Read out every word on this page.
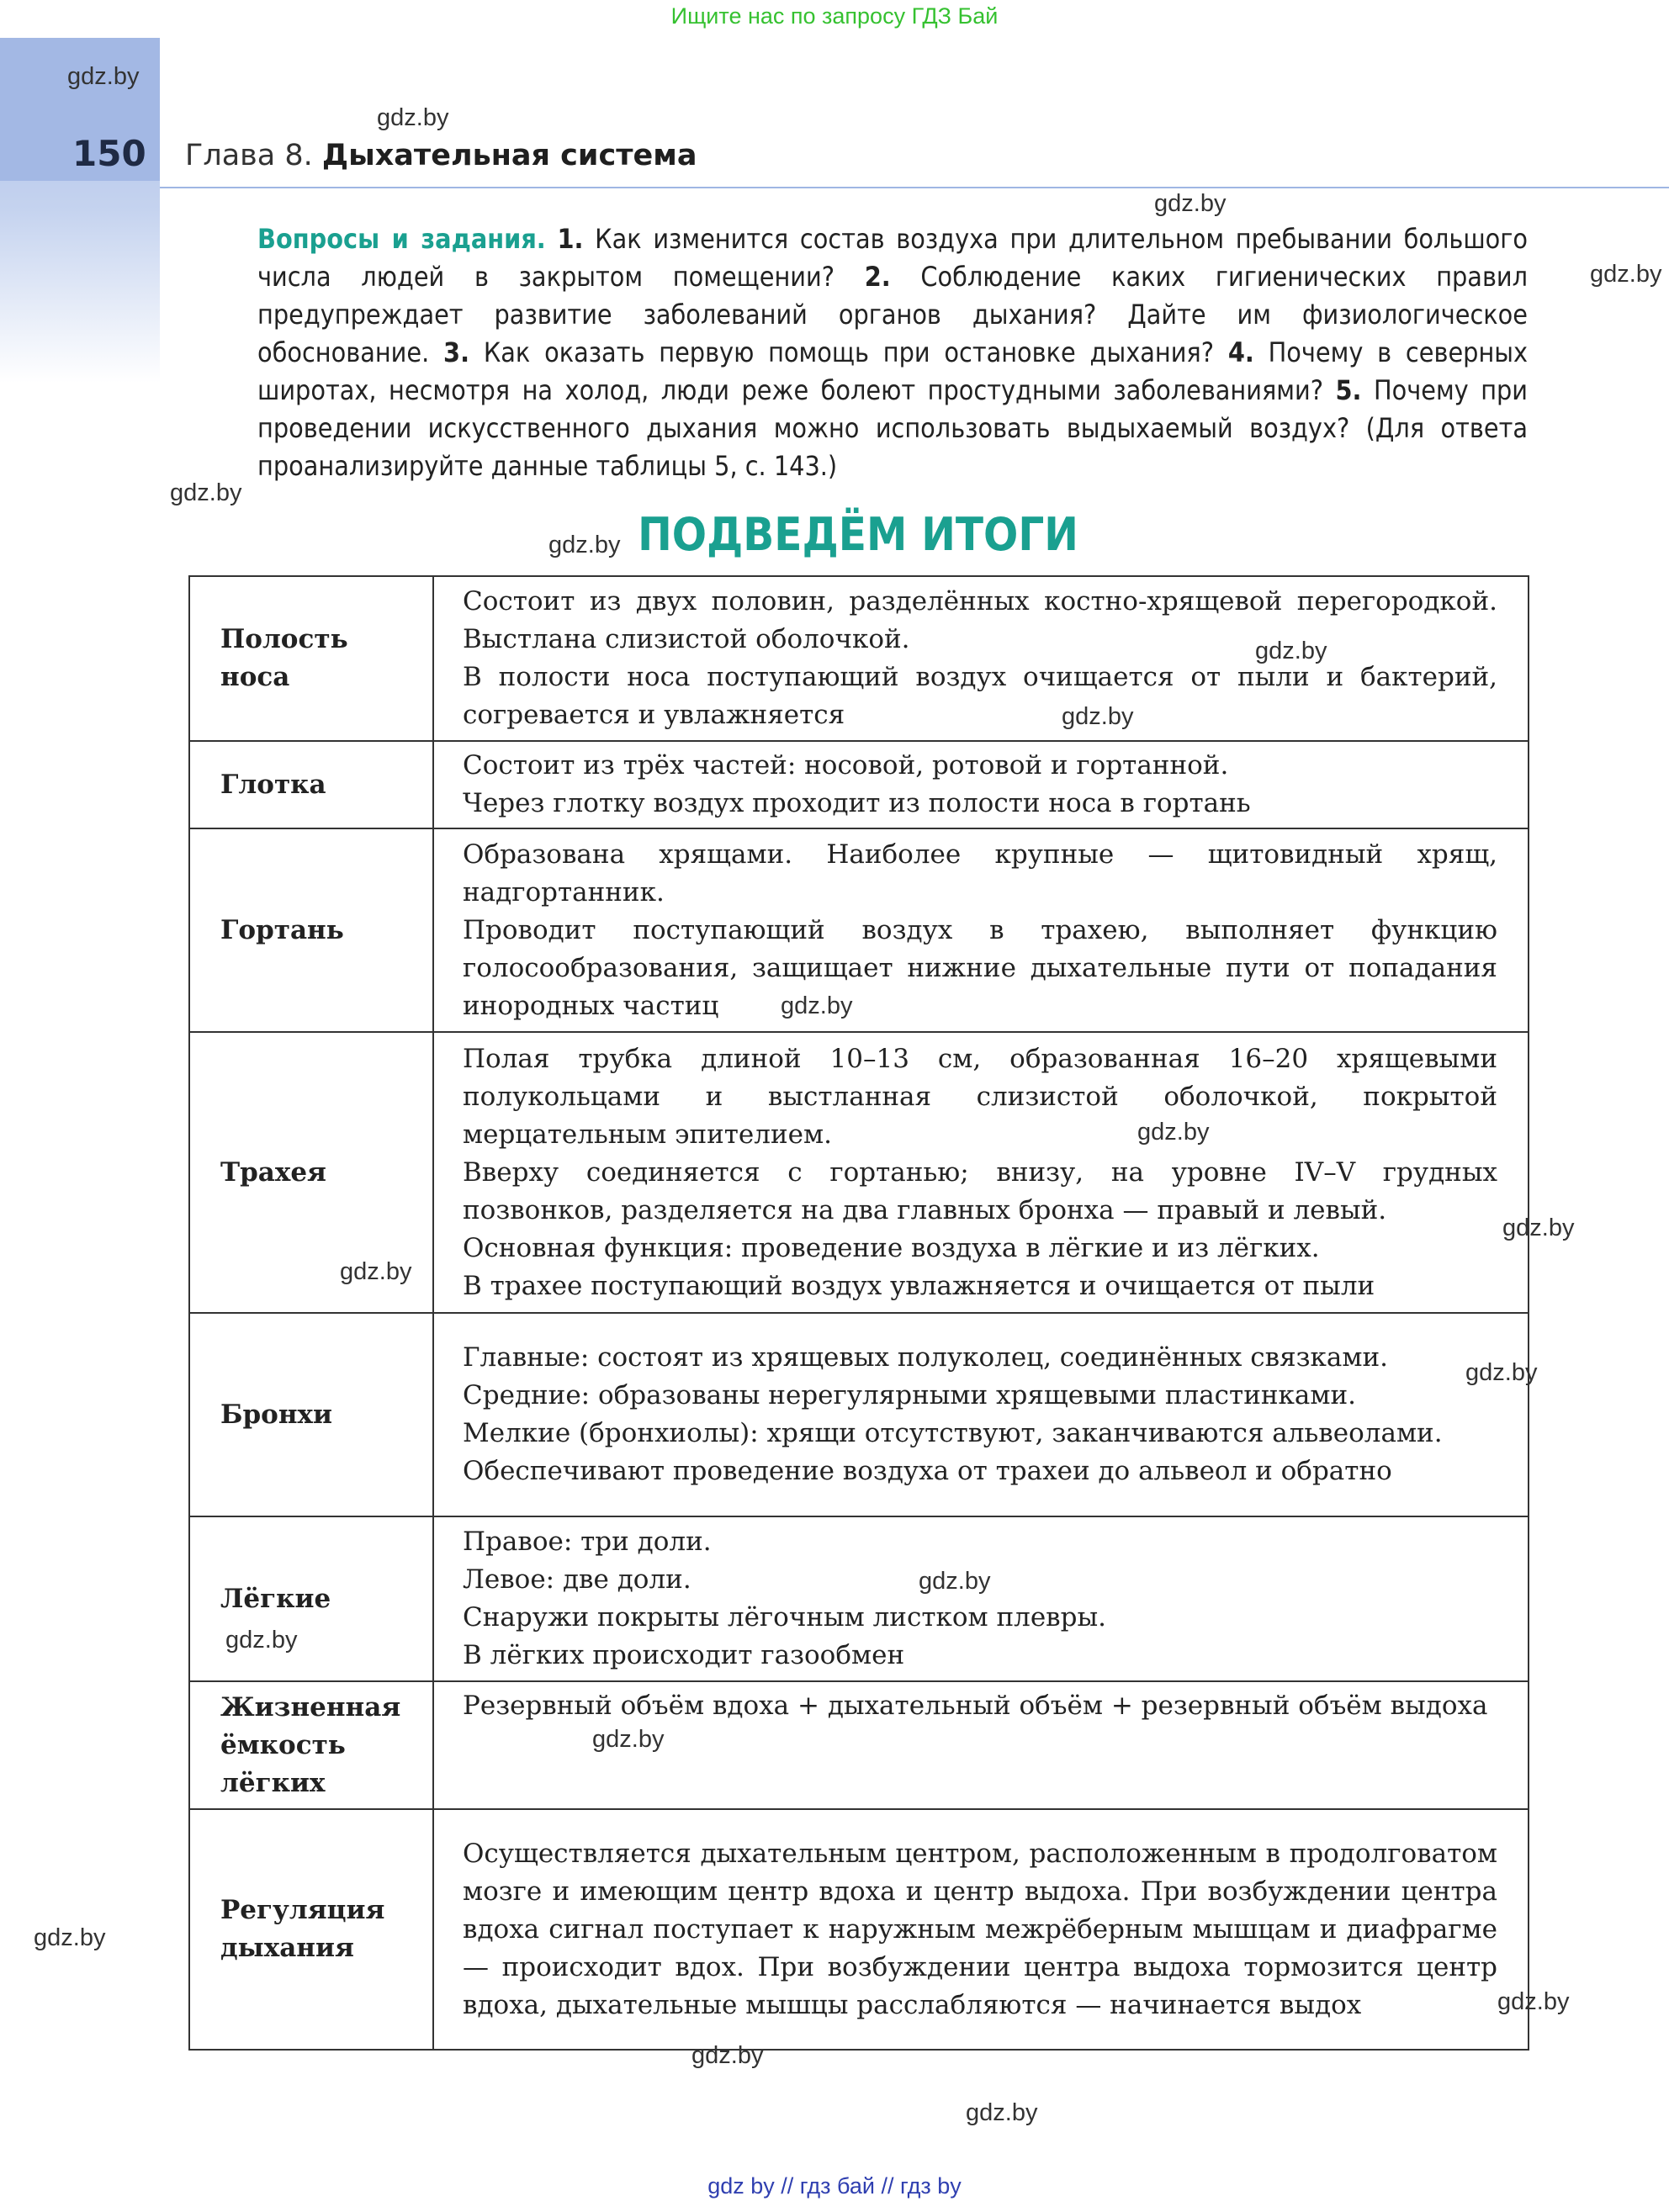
Ищите нас по запросу ГДЗ Бай
150 Глава 8. Дыхательная система
Вопросы и задания. 1. Как изменится состав воздуха при длительном пребывании большого числа людей в закрытом помещении? 2. Соблюдение каких гигиенических правил предупреждает развитие заболеваний органов дыхания? Дайте им физиологическое обоснование. 3. Как оказать первую помощь при остановке дыхания? 4. Почему в северных широтах, несмотря на холод, люди реже болеют простудными заболеваниями? 5. Почему при проведении искусственного дыхания можно использовать выдыхаемый воздух? (Для ответа проанализируйте данные таблицы 5, с. 143.)
ПОДВЕДЁМ ИТОГИ
Полость носа	Состоит из двух половин, разделённых костно-хрящевой перегородкой. Выстлана слизистой оболочкой.
В полости носа поступающий воздух очищается от пыли и бактерий, согревается и увлажняется

Глотка	Состоит из трёх частей: носовой, ротовой и гортанной.
Через глотку воздух проходит из полости носа в гортань

Гортань	Образована хрящами. Наиболее крупные — щитовидный хрящ, надгортанник.
Проводит поступающий воздух в трахею, выполняет функцию голосообразования, защищает нижние дыхательные пути от попадания инородных частиц

Трахея	Полая трубка длиной 10–13 см, образованная 16–20 хрящевыми полукольцами и выстланная слизистой оболочкой, покрытой мерцательным эпителием.
Вверху соединяется с гортанью; внизу, на уровне IV–V грудных позвонков, разделяется на два главных бронха — правый и левый.
Основная функция: проведение воздуха в лёгкие и из лёгких.
В трахее поступающий воздух увлажняется и очищается от пыли

Бронхи	Главные: состоят из хрящевых полуколец, соединённых связками.
Средние: образованы нерегулярными хрящевыми пластинками.
Мелкие (бронхиолы): хрящи отсутствуют, заканчиваются альвеолами.
Обеспечивают проведение воздуха от трахеи до альвеол и обратно

Лёгкие	Правое: три доли.
Левое: две доли.
Снаружи покрыты лёгочным листком плевры.
В лёгких происходит газообмен

Жизненная ёмкость лёгких	Резервный объём вдоха + дыхательный объём + резервный объём выдоха

Регуляция дыхания	Осуществляется дыхательным центром, расположенным в продолговатом мозге и имеющим центр вдоха и центр выдоха. При возбуждении центра вдоха сигнал поступает к наружным межрёберным мышцам и диафрагме — происходит вдох. При возбуждении центра выдоха тормозится центр вдоха, дыхательные мышцы расслабляются — начинается выдох
gdz.by
gdz.by
gdz.by
gdz.by
gdz.by
gdz.by
gdz.by
gdz.by
gdz.by
gdz.by
gdz.by
gdz.by
gdz.by
gdz.by
gdz.by
gdz.by
gdz.by
gdz.by
gdz.by
gdz.by
gdz by // гдз бай // гдз by
